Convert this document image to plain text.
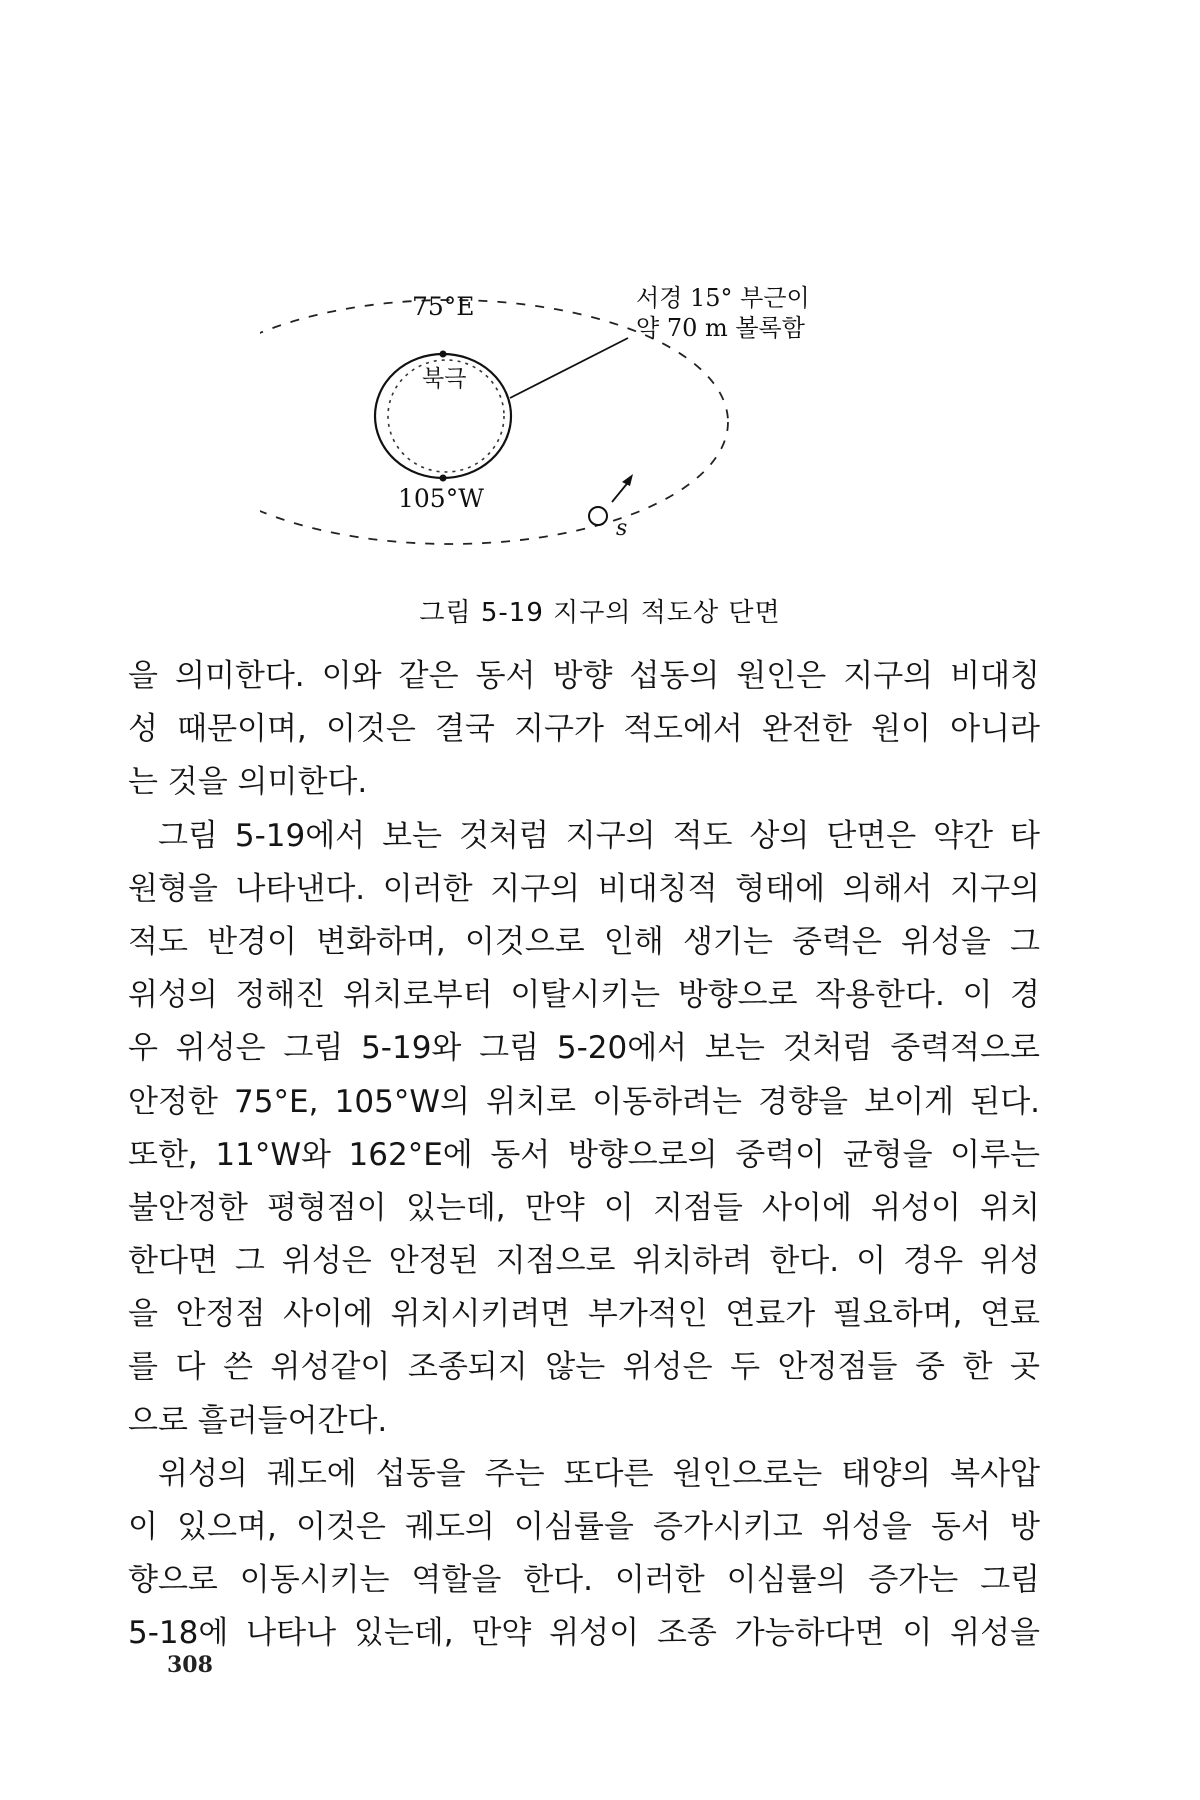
75°E
북극
105°W
서경 15° 부근이
약 70 m 볼록함
s
그림 5-19 지구의 적도상 단면
을 의미한다. 이와 같은 동서 방향 섭동의 원인은 지구의 비대칭
성 때문이며, 이것은 결국 지구가 적도에서 완전한 원이 아니라
는 것을 의미한다.
그림 5-19에서 보는 것처럼 지구의 적도 상의 단면은 약간 타
원형을 나타낸다. 이러한 지구의 비대칭적 형태에 의해서 지구의
적도 반경이 변화하며, 이것으로 인해 생기는 중력은 위성을 그
위성의 정해진 위치로부터 이탈시키는 방향으로 작용한다. 이 경
우 위성은 그림 5-19와 그림 5-20에서 보는 것처럼 중력적으로
안정한 75°E, 105°W의 위치로 이동하려는 경향을 보이게 된다.
또한, 11°W와 162°E에 동서 방향으로의 중력이 균형을 이루는
불안정한 평형점이 있는데, 만약 이 지점들 사이에 위성이 위치
한다면 그 위성은 안정된 지점으로 위치하려 한다. 이 경우 위성
을 안정점 사이에 위치시키려면 부가적인 연료가 필요하며, 연료
를 다 쓴 위성같이 조종되지 않는 위성은 두 안정점들 중 한 곳
으로 흘러들어간다.
위성의 궤도에 섭동을 주는 또다른 원인으로는 태양의 복사압
이 있으며, 이것은 궤도의 이심률을 증가시키고 위성을 동서 방
향으로 이동시키는 역할을 한다. 이러한 이심률의 증가는 그림
5-18에 나타나 있는데, 만약 위성이 조종 가능하다면 이 위성을
308
